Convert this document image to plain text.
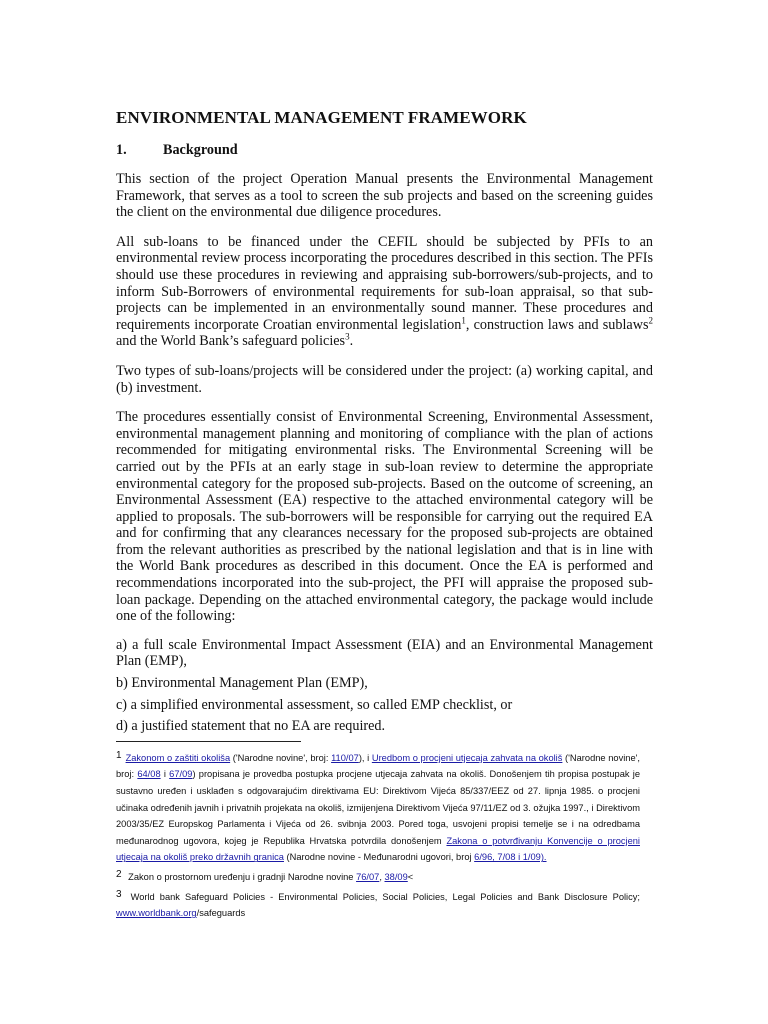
ENVIRONMENTAL MANAGEMENT FRAMEWORK
1.	Background

This section of the project Operation Manual presents the Environmental Management Framework, that serves as a tool to screen the sub projects and based on the screening guides the client on the environmental due diligence procedures.

All sub-loans to be financed under the CEFIL should be subjected by PFIs to an environmental review process incorporating the procedures described in this section. The PFIs should use these procedures in reviewing and appraising sub-borrowers/sub-projects, and to inform Sub-Borrowers of environmental requirements for sub-loan appraisal, so that sub-projects can be implemented in an environmentally sound manner. These procedures and requirements incorporate Croatian environmental legislation$^1$, construction laws and sublaws$^2$ and the World Bank’s safeguard policies$^3$.

Two types of sub-loans/projects will be considered under the project: (a) working capital, and (b) investment.

The procedures essentially consist of Environmental Screening, Environmental Assessment, environmental management planning and monitoring of compliance with the plan of actions recommended for mitigating environmental risks. The Environmental Screening will be carried out by the PFIs at an early stage in sub-loan review to determine the appropriate environmental category for the proposed sub-projects. Based on the outcome of screening, an Environmental Assessment (EA) respective to the attached environmental category will be applied to proposals. The sub-borrowers will be responsible for carrying out the required EA and for confirming that any clearances necessary for the proposed sub-projects are obtained from the relevant authorities as prescribed by the national legislation and that is in line with the World Bank procedures as described in this document. Once the EA is performed and recommendations incorporated into the sub-project, the PFI will appraise the proposed sub-loan package. Depending on the attached environmental category, the package would include one of the following:

a) a full scale Environmental Impact Assessment (EIA) and an Environmental Management Plan (EMP),

b) Environmental Management Plan (EMP),

c) a simplified environmental assessment, so called EMP checklist, or

d) a justified statement that no EA are required.

1 Zakonom o zaštiti okoliša ('Narodne novine', broj: 110/07), i Uredbom o procjeni utjecaja zahvata na okoliš ('Narodne novine', broj: 64/08 i 67/09) propisana je provedba postupka procjene utjecaja zahvata na okoliš. Donošenjem tih propisa postupak je sustavno uređen i usklađen s odgovarajućim direktivama EU: Direktivom Vijeća 85/337/EEZ od 27. lipnja 1985. o procjeni učinaka određenih javnih i privatnih projekata na okoliš, izmijenjena Direktivom Vijeća 97/11/EZ od 3. ožujka 1997., i Direktivom 2003/35/EZ Europskog Parlamenta i Vijeća od 26. svibnja 2003. Pored toga, usvojeni propisi temelje se i na odredbama međunarodnog ugovora, kojeg je Republika Hrvatska potvrdila donošenjem Zakona o potvrđivanju Konvencije o procjeni utjecaja na okoliš preko državnih granica (Narodne novine - Međunarodni ugovori, broj 6/96, 7/08 i 1/09).

2 Zakon o prostornom uređenju i gradnji Narodne novine 76/07, 38/09<

3 World bank Safeguard Policies - Environmental Policies, Social Policies, Legal Policies and Bank Disclosure Policy; www.worldbank.org/safeguards
